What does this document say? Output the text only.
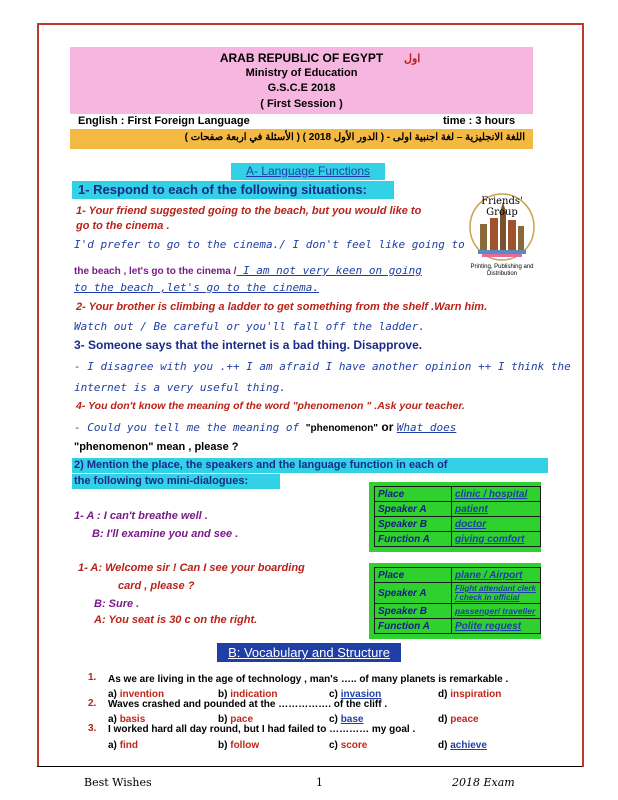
ARAB REPUBLIC OF EGYPT	اول
Ministry of Education
G.S.C.E 2018
( First Session )
English : First Foreign Language	time : 3 hours
اللغة الانجليزية – لغة اجنبية اولى - ( الدور الأول 2018 ) ( الأسئلة في اربعة صفحات )
A- Language Functions
1- Respond to each of the following situations:
Friends'
Group
Printing, Publishing and Distribution
1- Your friend suggested going to the beach, but you would like to
go to the cinema .
I'd prefer to go to the cinema./ I don't feel like going to
the beach , let's go to the cinema / I am not very keen on going
to the beach ,let's go to the cinema.
2- Your brother is climbing a ladder to get something from the shelf .Warn him.
Watch out / Be careful or you'll fall off the ladder.
3- Someone says that the internet is a bad thing. Disapprove.
- I disagree with you .++ I am afraid I have another opinion ++ I think the
internet is a very useful thing.
4- You don't know the meaning of the word "phenomenon " .Ask your teacher.
- Could you tell me the meaning of "phenomenon" or What does
"phenomenon" mean , please ?
2) Mention the place, the speakers and the language function in each of
the following two mini-dialogues:
1- A : I can't breathe well .
B: I'll examine you and see .
Place	clinic / hospital
Speaker A	patient
Speaker B	doctor
Function A	giving comfort
1- A: Welcome sir ! Can I see your boarding
card , please ?
B: Sure .
A: You seat is 30 c on the right.
Place	plane / Airport
Speaker A	Flight attendant clerk / check in official
Speaker B	passenger/ traveller
Function A	Polite request
B: Vocabulary and Structure
1. As we are living in the age of technology , man's ….. of many planets is remarkable .
a) invention	b) indication	c) invasion	d) inspiration
2. Waves crashed and pounded at the ……………. of the cliff .
a) basis	b) pace	c) base	d) peace
3. I worked hard all day round, but I had failed to ………… my goal .
a) find	b) follow	c) score	d) achieve
Best Wishes	1	2018 Exam
